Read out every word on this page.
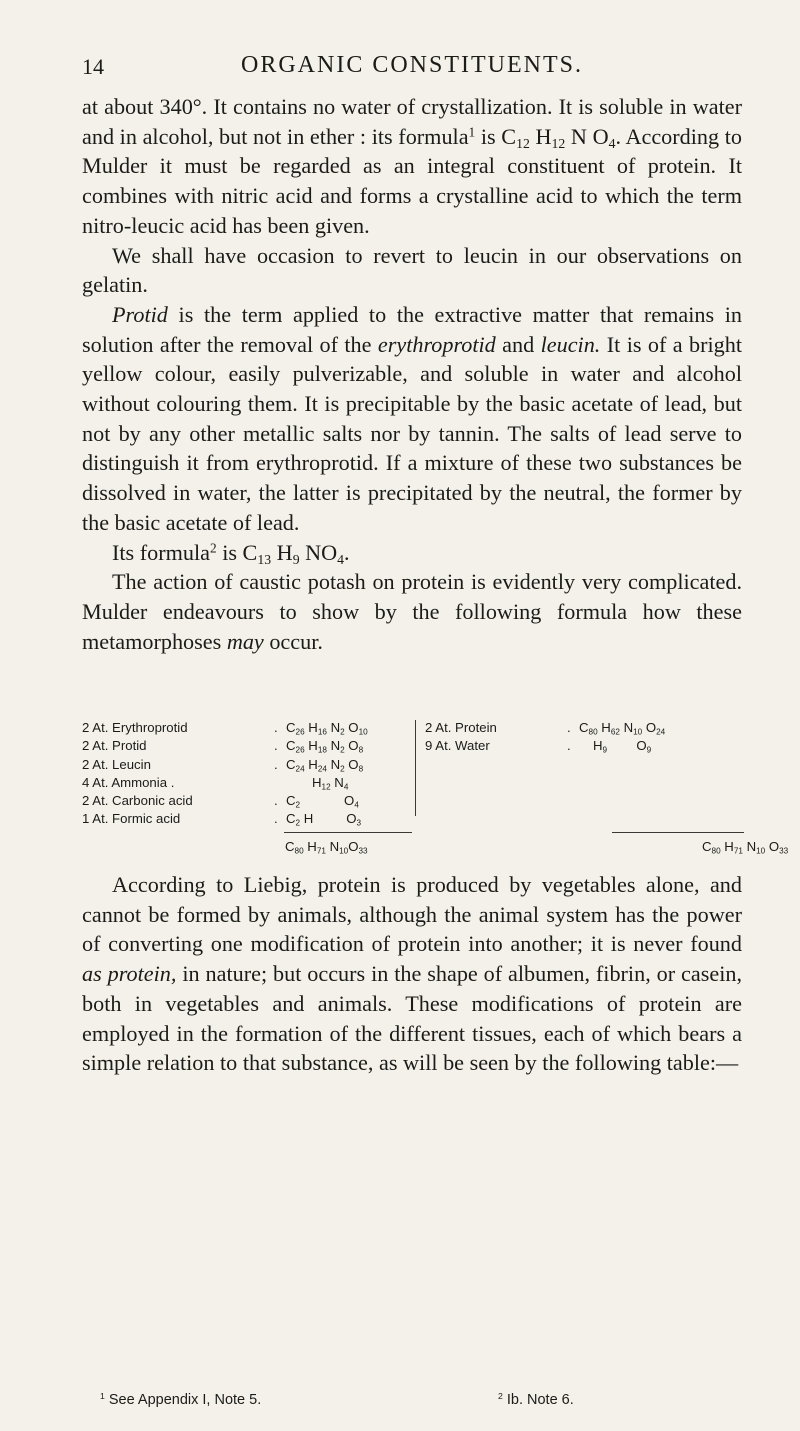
14	ORGANIC CONSTITUENTS.

at about 340°. It contains no water of crystallization. It is soluble in water and in alcohol, but not in ether : its formula$^1$ is $C_{12}$ $H_{12}$ N $O_4$. According to Mulder it must be regarded as an integral constituent of protein. It combines with nitric acid and forms a crystalline acid to which the term nitro-leucic acid has been given.

We shall have occasion to revert to leucin in our observations on gelatin.

Protid is the term applied to the extractive matter that remains in solution after the removal of the erythroprotid and leucin. It is of a bright yellow colour, easily pulverizable, and soluble in water and alcohol without colouring them. It is precipitable by the basic acetate of lead, but not by any other metallic salts nor by tannin. The salts of lead serve to distinguish it from erythroprotid. If a mixture of these two substances be dissolved in water, the latter is precipitated by the neutral, the former by the basic acetate of lead.

Its formula$^2$ is $C_{13}$ $H_9$ $NO_4$.

The action of caustic potash on protein is evidently very complicated. Mulder endeavours to show by the following formula how these metamorphoses may occur.

2 At. Erythroprotid	. $C_{26}$ $H_{16}$ $N_2$ $O_{10}$
2 At. Protid	. $C_{26}$ $H_{18}$ $N_2$ $O_8$
2 At. Leucin	. $C_{24}$ $H_{24}$ $N_2$ $O_8$
4 At. Ammonia .	$H_{12}$ $N_4$
2 At. Carbonic acid	. $C_2$            $O_4$
1 At. Formic acid	. $C_2$ H         $O_3$
2 At. Protein	. $C_{80}$ $H_{62}$ $N_{10}$ $O_{24}$
9 At. Water	. $H_9$        $O_9$
$C_{80}$ $H_{71}$ $N_{10}O_{33}$	$C_{80}$ $H_{71}$ $N_{10}$ $O_{33}$

According to Liebig, protein is produced by vegetables alone, and cannot be formed by animals, although the animal system has the power of converting one modification of protein into another; it is never found as protein, in nature; but occurs in the shape of albumen, fibrin, or casein, both in vegetables and animals. These modifications of protein are employed in the formation of the different tissues, each of which bears a simple relation to that substance, as will be seen by the following table:—

$^1$ See Appendix I, Note 5.	$^2$ Ib. Note 6.
